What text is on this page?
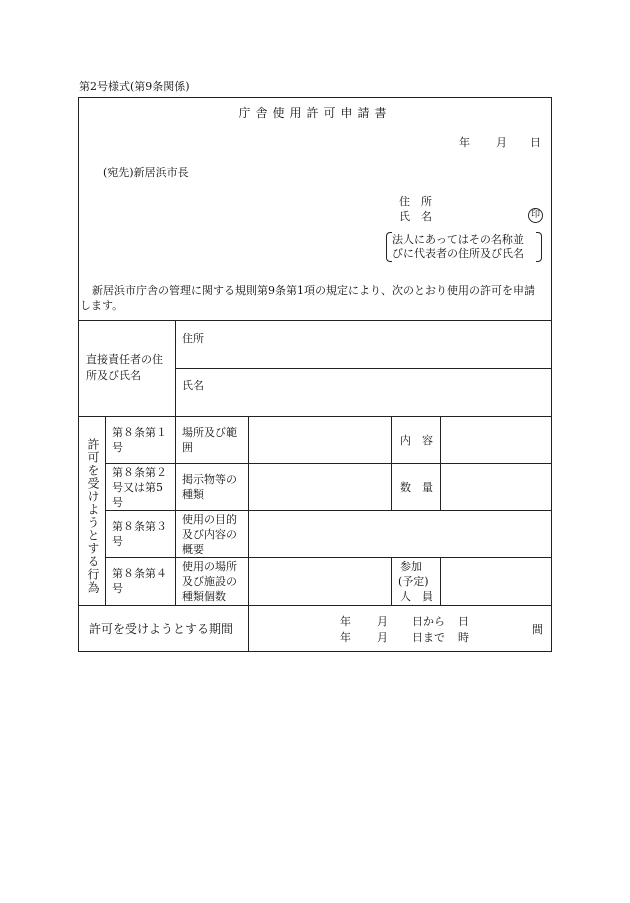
第2号様式(第9条関係)
庁舎使用許可申請書
年 月 日
(宛先)新居浜市長
住　所
氏　名	印
法人にあってはその名称並
びに代表者の住所及び氏名
新居浜市庁舎の管理に関する規則第9条第1項の規定により、次のとおり使用の許可を申請
します。
直接責任者の住
所及び氏名
住所
氏名
許可を受けようとする行為
第８条第１
号
場所及び範
囲
内　容
第８条第２
号又は第5
号
掲示物等の
種類
数　量
第８条第３
号
使用の目的
及び内容の
概要
第８条第４
号
使用の場所
及び施設の
種類個数
参加
(予定)
人　員
許可を受けようとする期間
年 月 日から 日
年 月 日まで 時
間
